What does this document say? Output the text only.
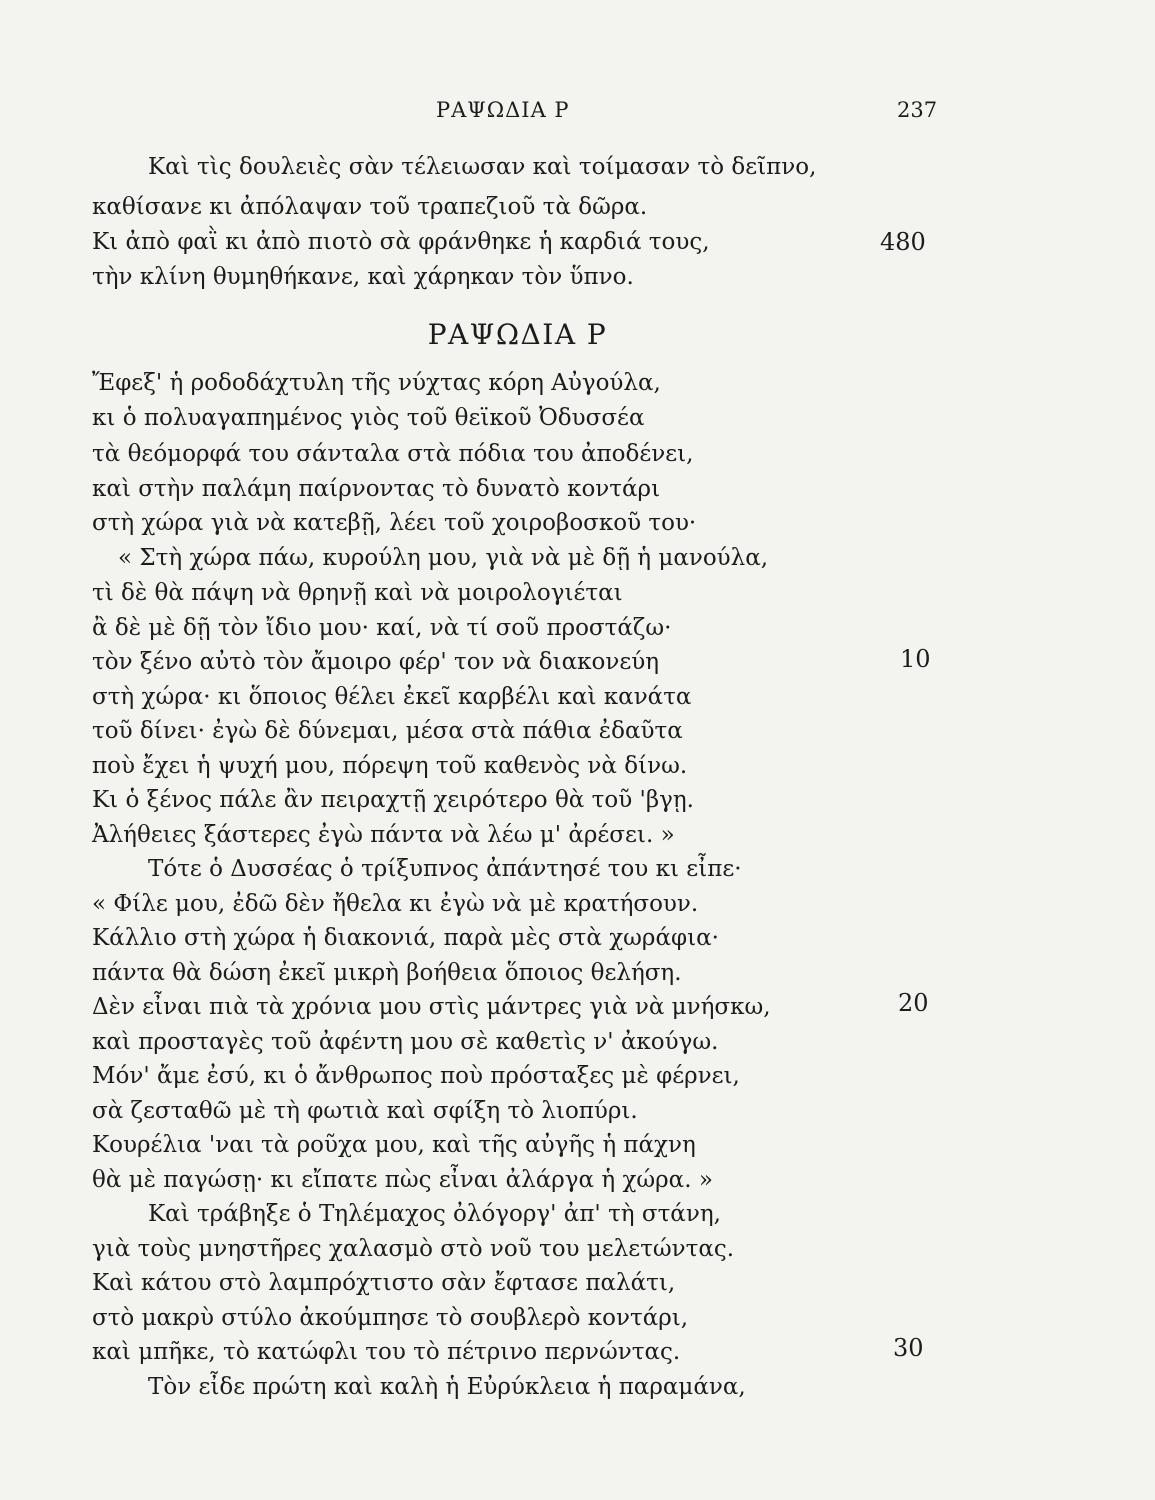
ΡΑΨΩΔΙΑ Ρ	237
Καὶ τὶς δουλειὲς σὰν τέλειωσαν καὶ τοίμασαν τὸ δεῖπνο,
καθίσανε κι ἀπόλαψαν τοῦ τραπεζιοῦ τὰ δῶρα.
Κι ἀπὸ φαῒ κι ἀπὸ πιοτὸ σὰ φράνθηκε ἡ καρδιά τους,	480
τὴν κλίνη θυμηθήκανε, καὶ χάρηκαν τὸν ὕπνο.
ΡΑΨΩΔΙΑ Ρ
Ἔφεξ' ἡ ροδοδάχτυλη τῆς νύχτας κόρη Αὐγούλα,
κι ὁ πολυαγαπημένος γιὸς τοῦ θεϊκοῦ Ὀδυσσέα
τὰ θεόμορφά του σάνταλα στὰ πόδια του ἀποδένει,
καὶ στὴν παλάμη παίρνοντας τὸ δυνατὸ κοντάρι
στὴ χώρα γιὰ νὰ κατεβῇ, λέει τοῦ χοιροβοσκοῦ του·
« Στὴ χώρα πάω, κυρούλη μου, γιὰ νὰ μὲ δῇ ἡ μανούλα,
τὶ δὲ θὰ πάψη νὰ θρηνῇ καὶ νὰ μοιρολογιέται
ἂ δὲ μὲ δῇ τὸν ἴδιο μου· καί, νὰ τί σοῦ προστάζω·
τὸν ξένο αὐτὸ τὸν ἄμοιρο φέρ' τον νὰ διακονεύη	10
στὴ χώρα· κι ὅποιος θέλει ἐκεῖ καρβέλι καὶ κανάτα
τοῦ δίνει· ἐγὼ δὲ δύνεμαι, μέσα στὰ πάθια ἐδαῦτα
ποὺ ἔχει ἡ ψυχή μου, πόρεψη τοῦ καθενὸς νὰ δίνω.
Κι ὁ ξένος πάλε ἂν πειραχτῇ χειρότερο θὰ τοῦ 'βγῃ.
Ἀλήθειες ξάστερες ἐγὼ πάντα νὰ λέω μ' ἀρέσει. »
Τότε ὁ Δυσσέας ὁ τρίξυπνος ἀπάντησέ του κι εἶπε·
« Φίλε μου, ἐδῶ δὲν ἤθελα κι ἐγὼ νὰ μὲ κρατήσουν.
Κάλλιο στὴ χώρα ἡ διακονιά, παρὰ μὲς στὰ χωράφια·
πάντα θὰ δώση ἐκεῖ μικρὴ βοήθεια ὅποιος θελήση.
Δὲν εἶναι πιὰ τὰ χρόνια μου στὶς μάντρες γιὰ νὰ μνήσκω,	20
καὶ προσταγὲς τοῦ ἀφέντη μου σὲ καθετὶς ν' ἀκούγω.
Μόν' ἄμε ἐσύ, κι ὁ ἄνθρωπος ποὺ πρόσταξες μὲ φέρνει,
σὰ ζεσταθῶ μὲ τὴ φωτιὰ καὶ σφίξη τὸ λιοπύρι.
Κουρέλια 'ναι τὰ ροῦχα μου, καὶ τῆς αὐγῆς ἡ πάχνη
θὰ μὲ παγώσῃ· κι εἴπατε πὼς εἶναι ἀλάργα ἡ χώρα. »
Καὶ τράβηξε ὁ Τηλέμαχος ὀλόγοργ' ἀπ' τὴ στάνη,
γιὰ τοὺς μνηστῆρες χαλασμὸ στὸ νοῦ του μελετώντας.
Καὶ κάτου στὸ λαμπρόχτιστο σὰν ἔφτασε παλάτι,
στὸ μακρὺ στύλο ἀκούμπησε τὸ σουβλερὸ κοντάρι,
καὶ μπῆκε, τὸ κατώφλι του τὸ πέτρινο περνώντας.	30
Τὸν εἶδε πρώτη καὶ καλὴ ἡ Εὐρύκλεια ἡ παραμάνα,
